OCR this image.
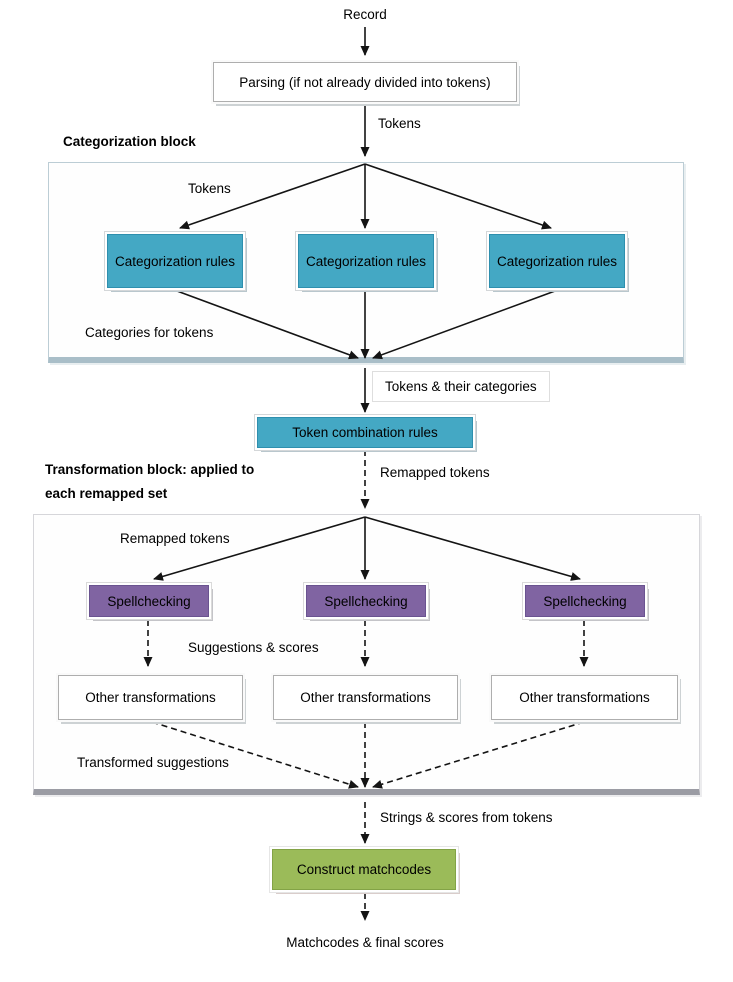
Record
Tokens
Categorization block
Tokens
Categories for tokens
Tokens & their categories
Remapped tokens
Transformation block: applied to
each remapped set
Remapped tokens
Suggestions & scores
Transformed suggestions
Strings & scores from tokens
Matchcodes & final scores
Parsing (if not already divided into tokens)
Categorization rules	Categorization rules	Categorization rules
Token combination rules
Spellchecking	Spellchecking	Spellchecking
Other transformations	Other transformations	Other transformations
Construct matchcodes
